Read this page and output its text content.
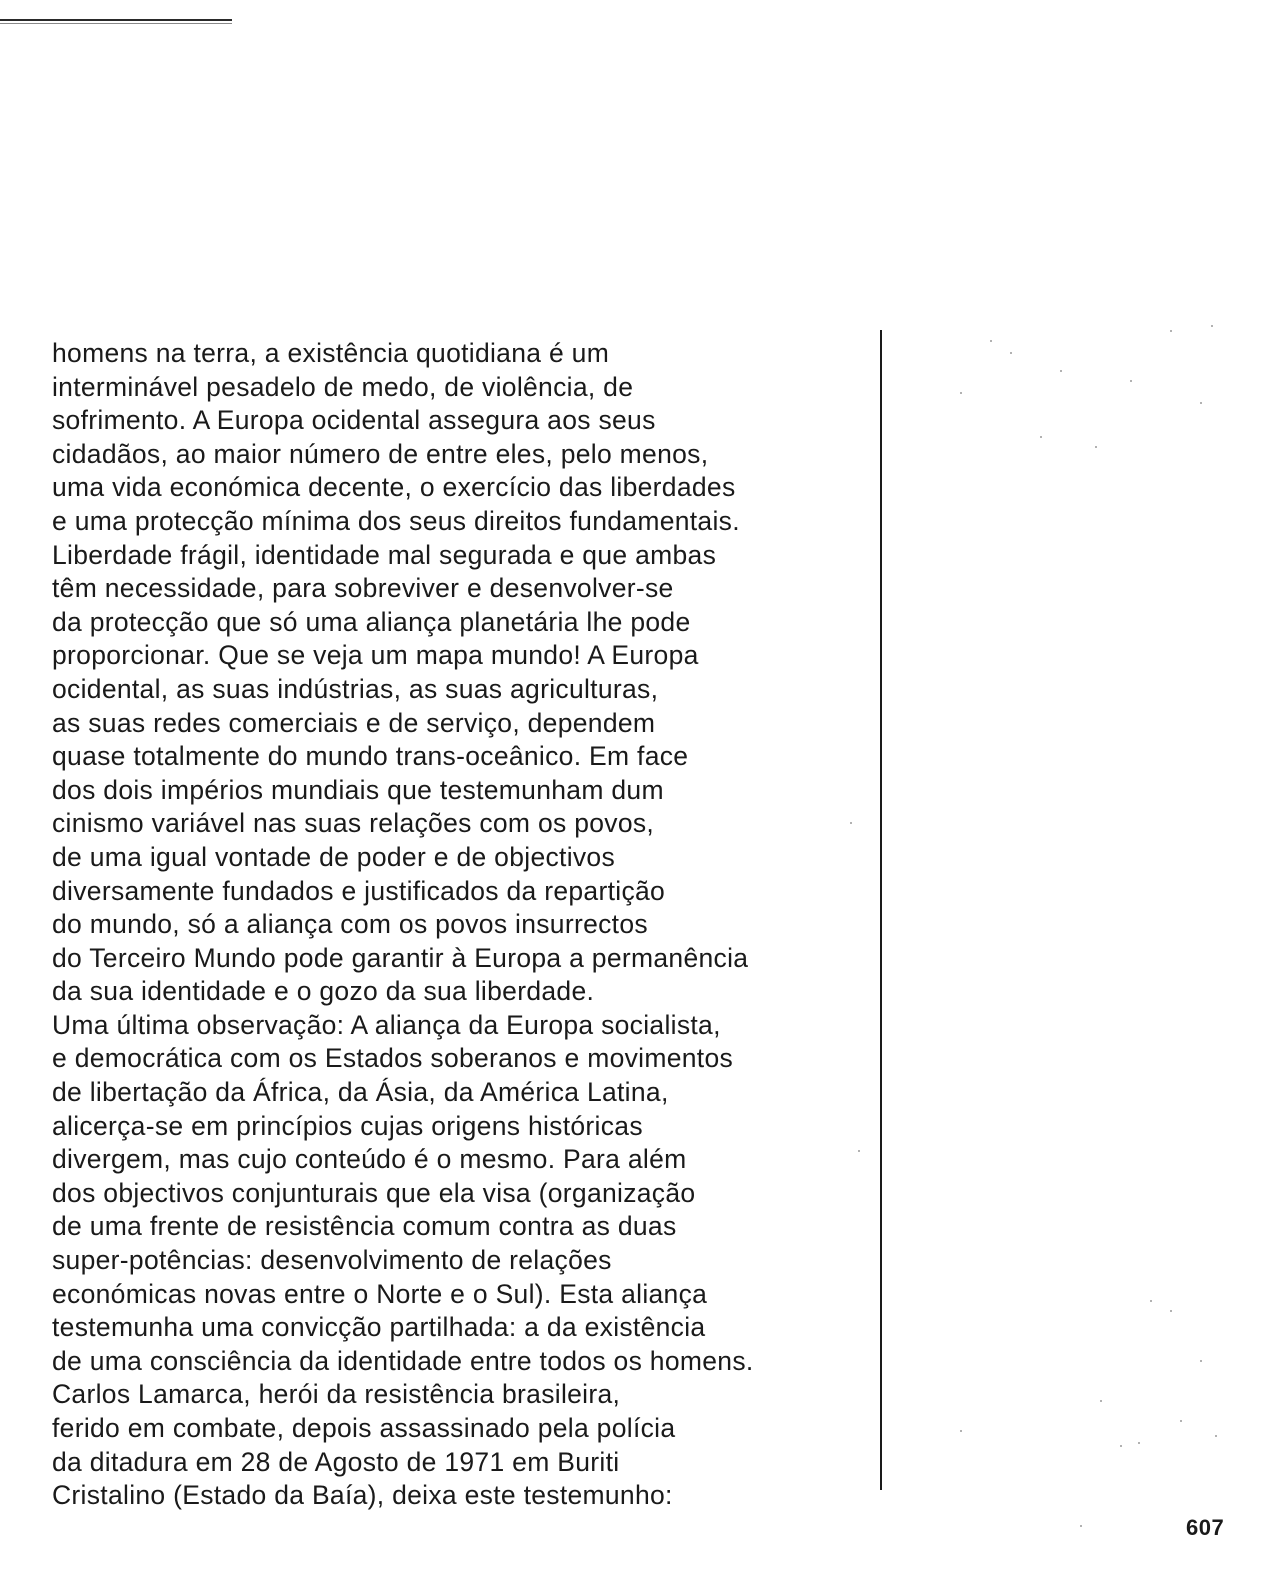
homens na terra, a existência quotidiana é um
interminável pesadelo de medo, de violência, de
sofrimento. A Europa ocidental assegura aos seus
cidadãos, ao maior número de entre eles, pelo menos,
uma vida económica decente, o exercício das liberdades
e uma protecção mínima dos seus direitos fundamentais.
Liberdade frágil, identidade mal segurada e que ambas
têm necessidade, para sobreviver e desenvolver-se
da protecção que só uma aliança planetária lhe pode
proporcionar. Que se veja um mapa mundo! A Europa
ocidental, as suas indústrias, as suas agriculturas,
as suas redes comerciais e de serviço, dependem
quase totalmente do mundo trans-oceânico. Em face
dos dois impérios mundiais que testemunham dum
cinismo variável nas suas relações com os povos,
de uma igual vontade de poder e de objectivos
diversamente fundados e justificados da repartição
do mundo, só a aliança com os povos insurrectos
do Terceiro Mundo pode garantir à Europa a permanência
da sua identidade e o gozo da sua liberdade.
Uma última observação: A aliança da Europa socialista,
e democrática com os Estados soberanos e movimentos
de libertação da África, da Ásia, da América Latina,
alicerça-se em princípios cujas origens históricas
divergem, mas cujo conteúdo é o mesmo. Para além
dos objectivos conjunturais que ela visa (organização
de uma frente de resistência comum contra as duas
super-potências: desenvolvimento de relações
económicas novas entre o Norte e o Sul). Esta aliança
testemunha uma convicção partilhada: a da existência
de uma consciência da identidade entre todos os homens.
Carlos Lamarca, herói da resistência brasileira,
ferido em combate, depois assassinado pela polícia
da ditadura em 28 de Agosto de 1971 em Buriti
Cristalino (Estado da Baía), deixa este testemunho:
607
